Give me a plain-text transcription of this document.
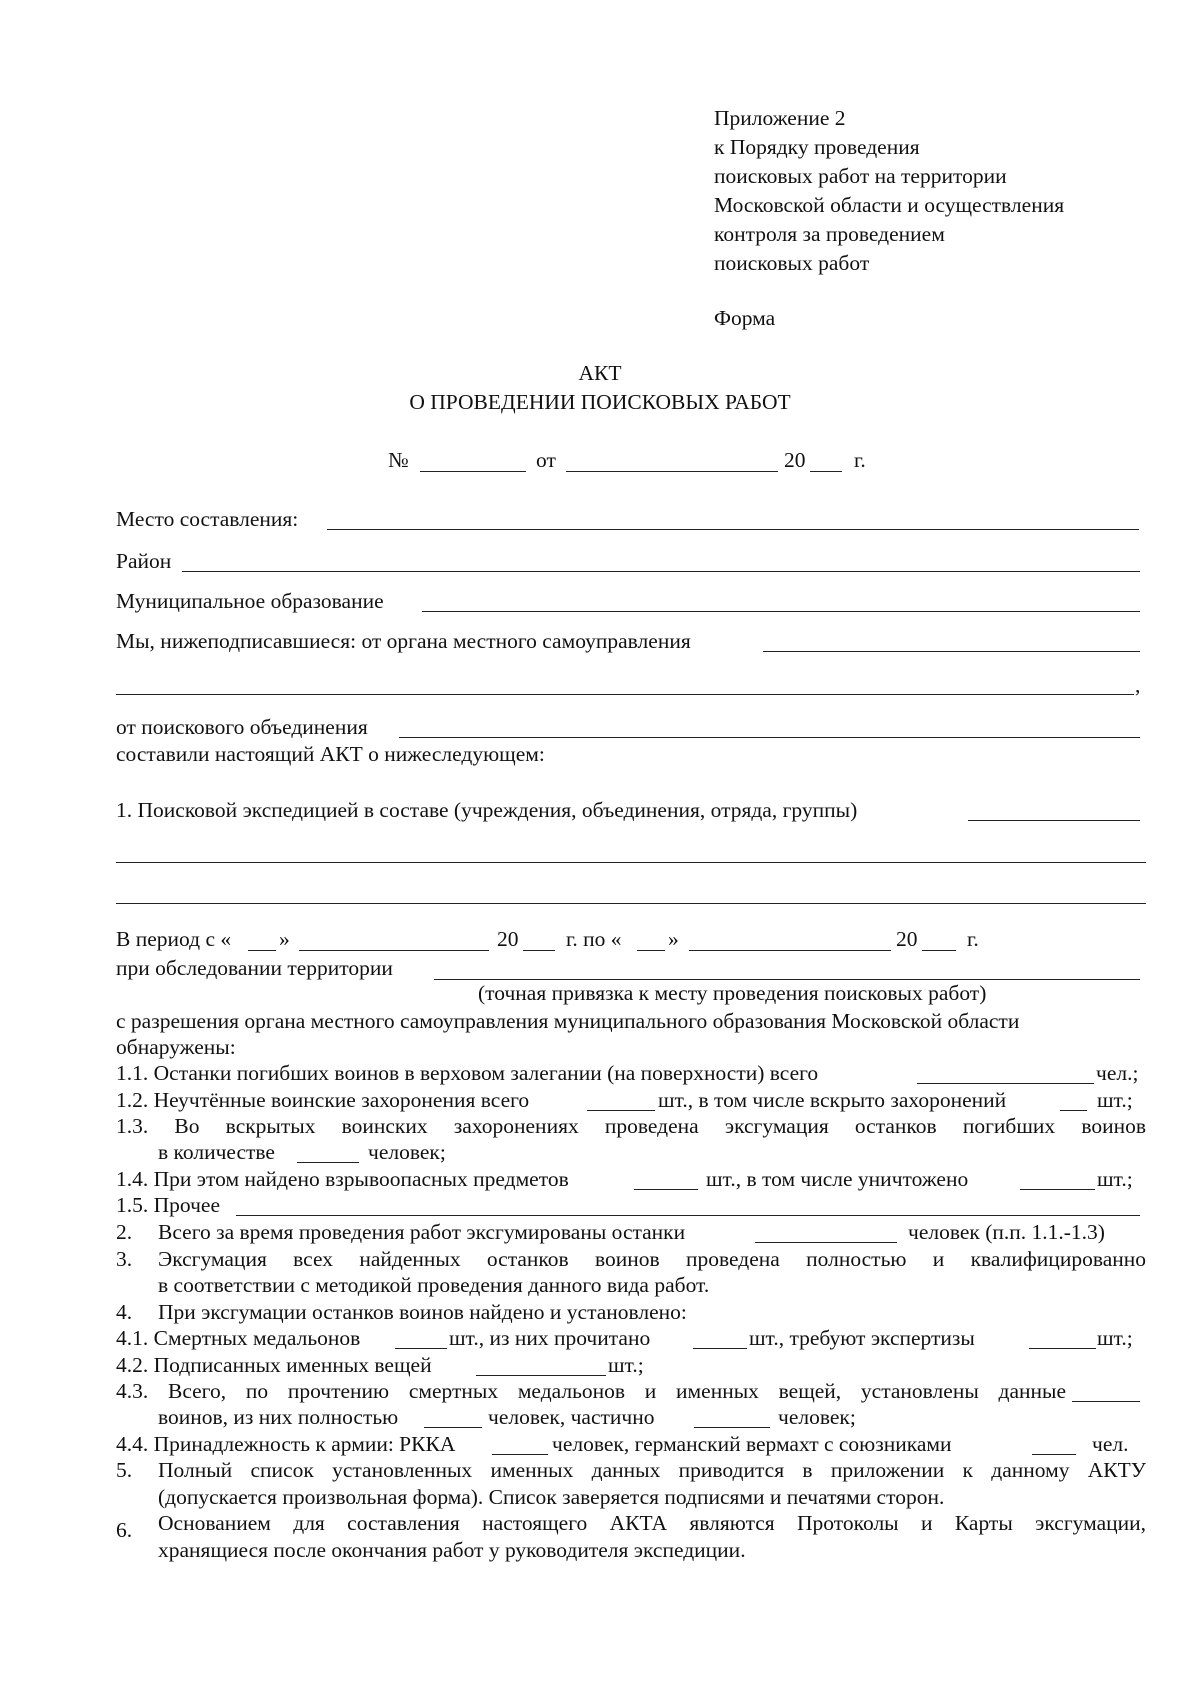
Приложение 2
к Порядку проведения
поисковых работ на территории
Московской области и осуществления
контроля за проведением
поисковых работ
Форма
АКТ
О ПРОВЕДЕНИИ ПОИСКОВЫХ РАБОТ
№	от	20 г.
Место составления:
Район
Муниципальное образование
Мы, нижеподписавшиеся: от органа местного самоуправления
,
от поискового объединения
составили настоящий АКТ о нижеследующем:
1. Поисковой экспедицией в составе (учреждения, объединения, отряда, группы)
В период с « »	20 г. по « »	20 г.
при обследовании территории
(точная привязка к месту проведения поисковых работ)
с разрешения органа местного самоуправления муниципального образования Московской области
обнаружены:
1.1. Останки погибших воинов в верховом залегании (на поверхности) всего	чел.;
1.2. Неучтённые воинские захоронения всего	шт., в том числе вскрыто захоронений	шт.;
1.3. Во вскрытых воинских захоронениях проведена эксгумация останков погибших воинов
в количестве	человек;
1.4. При этом найдено взрывоопасных предметов	шт., в том числе уничтожено	шт.;
1.5. Прочее
2. Всего за время проведения работ эксгумированы останки	человек (п.п. 1.1.-1.3)
3. Эксгумация всех найденных останков воинов проведена полностью и квалифицированно
в соответствии с методикой проведения данного вида работ.
4. При эксгумации останков воинов найдено и установлено:
4.1. Смертных медальонов	шт., из них прочитано	шт., требуют экспертизы	шт.;
4.2. Подписанных именных вещей	шт.;
4.3. Всего, по прочтению смертных медальонов и именных вещей, установлены данные
воинов, из них полностью	человек, частично	человек;
4.4. Принадлежность к армии: РККА	человек, германский вермахт с союзниками	чел.
5. Полный список установленных именных данных приводится в приложении к данному АКТУ
(допускается произвольная форма). Список заверяется подписями и печатями сторон.
6. Основанием для составления настоящего АКТА являются Протоколы и Карты эксгумации,
хранящиеся после окончания работ у руководителя экспедиции.
